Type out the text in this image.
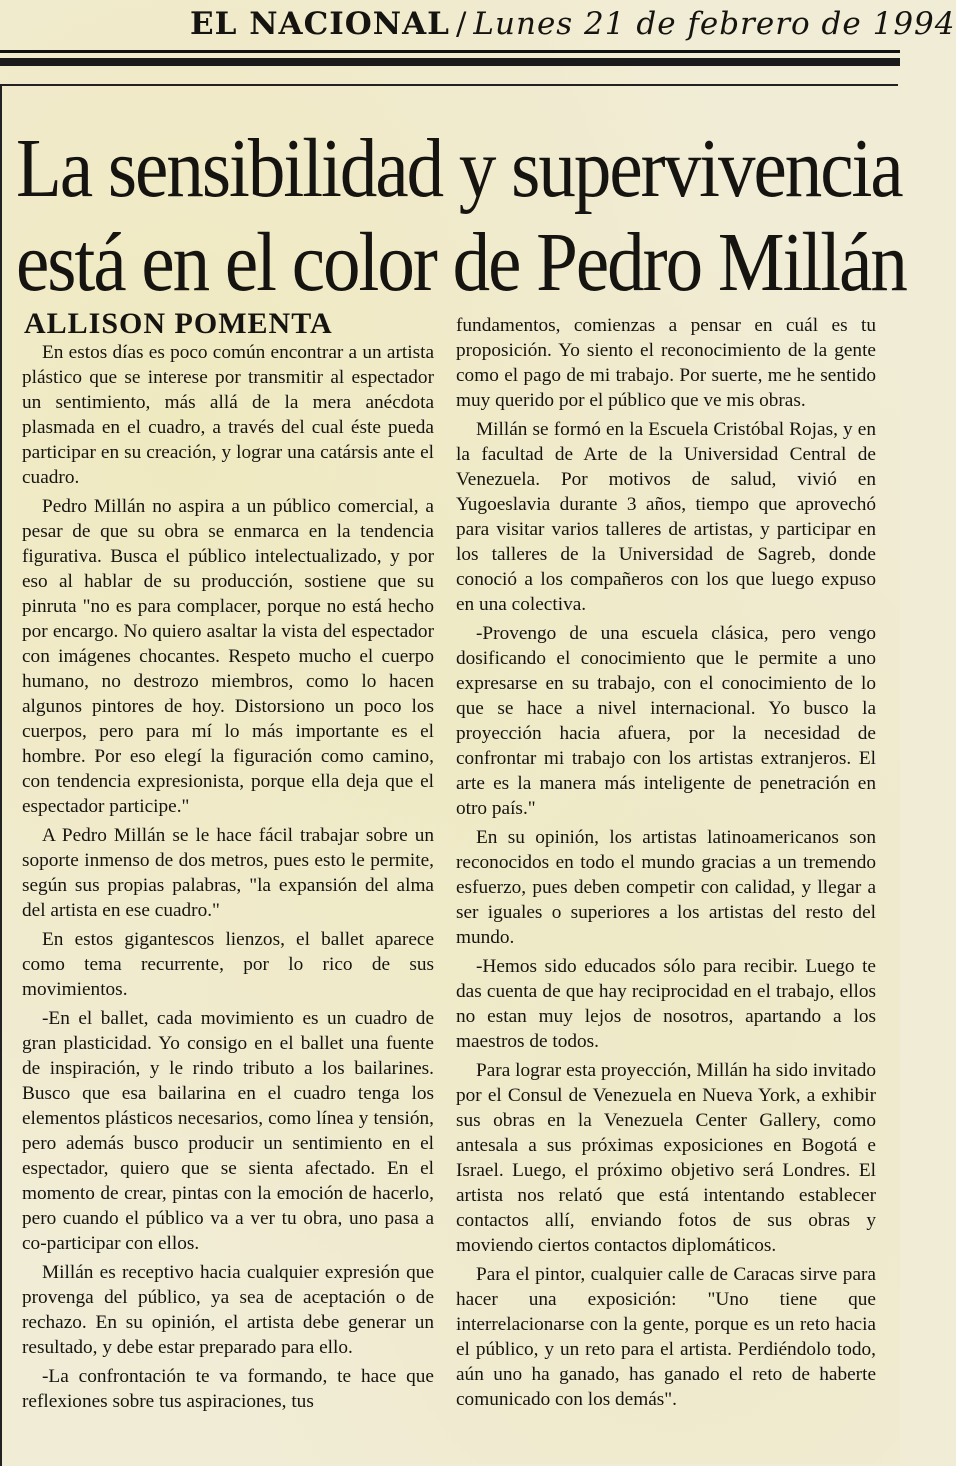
EL NACIONAL / Lunes 21 de febrero de 1994
La sensibilidad y supervivencia
está en el color de Pedro Millán
ALLISON POMENTA

En estos días es poco común encontrar a un artista plástico que se interese por transmitir al espectador un sentimiento, más allá de la mera anécdota plasmada en el cuadro, a través del cual éste pueda participar en su creación, y lograr una catársis ante el cuadro.

Pedro Millán no aspira a un público comercial, a pesar de que su obra se enmarca en la tendencia figurativa. Busca el público intelectualizado, y por eso al hablar de su producción, sostiene que su pinruta "no es para complacer, porque no está hecho por encargo. No quiero asaltar la vista del espectador con imágenes chocantes. Respeto mucho el cuerpo humano, no destrozo miembros, como lo hacen algunos pintores de hoy. Distorsiono un poco los cuerpos, pero para mí lo más importante es el hombre. Por eso elegí la figuración como camino, con tendencia expresionista, porque ella deja que el espectador participe."

A Pedro Millán se le hace fácil trabajar sobre un soporte inmenso de dos metros, pues esto le permite, según sus propias palabras, "la expansión del alma del artista en ese cuadro."

En estos gigantescos lienzos, el ballet aparece como tema recurrente, por lo rico de sus movimientos.

-En el ballet, cada movimiento es un cuadro de gran plasticidad. Yo consigo en el ballet una fuente de inspiración, y le rindo tributo a los bailarines. Busco que esa bailarina en el cuadro tenga los elementos plásticos necesarios, como línea y tensión, pero además busco producir un sentimiento en el espectador, quiero que se sienta afectado. En el momento de crear, pintas con la emoción de hacerlo, pero cuando el público va a ver tu obra, uno pasa a co-participar con ellos.

Millán es receptivo hacia cualquier expresión que provenga del público, ya sea de aceptación o de rechazo. En su opinión, el artista debe generar un resultado, y debe estar preparado para ello.

-La confrontación te va formando, te hace que reflexiones sobre tus aspiraciones, tus

fundamentos, comienzas a pensar en cuál es tu proposición. Yo siento el reconocimiento de la gente como el pago de mi trabajo. Por suerte, me he sentido muy querido por el público que ve mis obras.

Millán se formó en la Escuela Cristóbal Rojas, y en la facultad de Arte de la Universidad Central de Venezuela. Por motivos de salud, vivió en Yugoeslavia durante 3 años, tiempo que aprovechó para visitar varios talleres de artistas, y participar en los talleres de la Universidad de Sagreb, donde conoció a los compañeros con los que luego expuso en una colectiva.

-Provengo de una escuela clásica, pero vengo dosificando el conocimiento que le permite a uno expresarse en su trabajo, con el conocimiento de lo que se hace a nivel internacional. Yo busco la proyección hacia afuera, por la necesidad de confrontar mi trabajo con los artistas extranjeros. El arte es la manera más inteligente de penetración en otro país."

En su opinión, los artistas latinoamericanos son reconocidos en todo el mundo gracias a un tremendo esfuerzo, pues deben competir con calidad, y llegar a ser iguales o superiores a los artistas del resto del mundo.

-Hemos sido educados sólo para recibir. Luego te das cuenta de que hay reciprocidad en el trabajo, ellos no estan muy lejos de nosotros, apartando a los maestros de todos.

Para lograr esta proyección, Millán ha sido invitado por el Consul de Venezuela en Nueva York, a exhibir sus obras en la Venezuela Center Gallery, como antesala a sus próximas exposiciones en Bogotá e Israel. Luego, el próximo objetivo será Londres. El artista nos relató que está intentando establecer contactos allí, enviando fotos de sus obras y moviendo ciertos contactos diplomáticos.

Para el pintor, cualquier calle de Caracas sirve para hacer una exposición: "Uno tiene que interrelacionarse con la gente, porque es un reto hacia el público, y un reto para el artista. Perdiéndolo todo, aún uno ha ganado, has ganado el reto de haberte comunicado con los demás".
